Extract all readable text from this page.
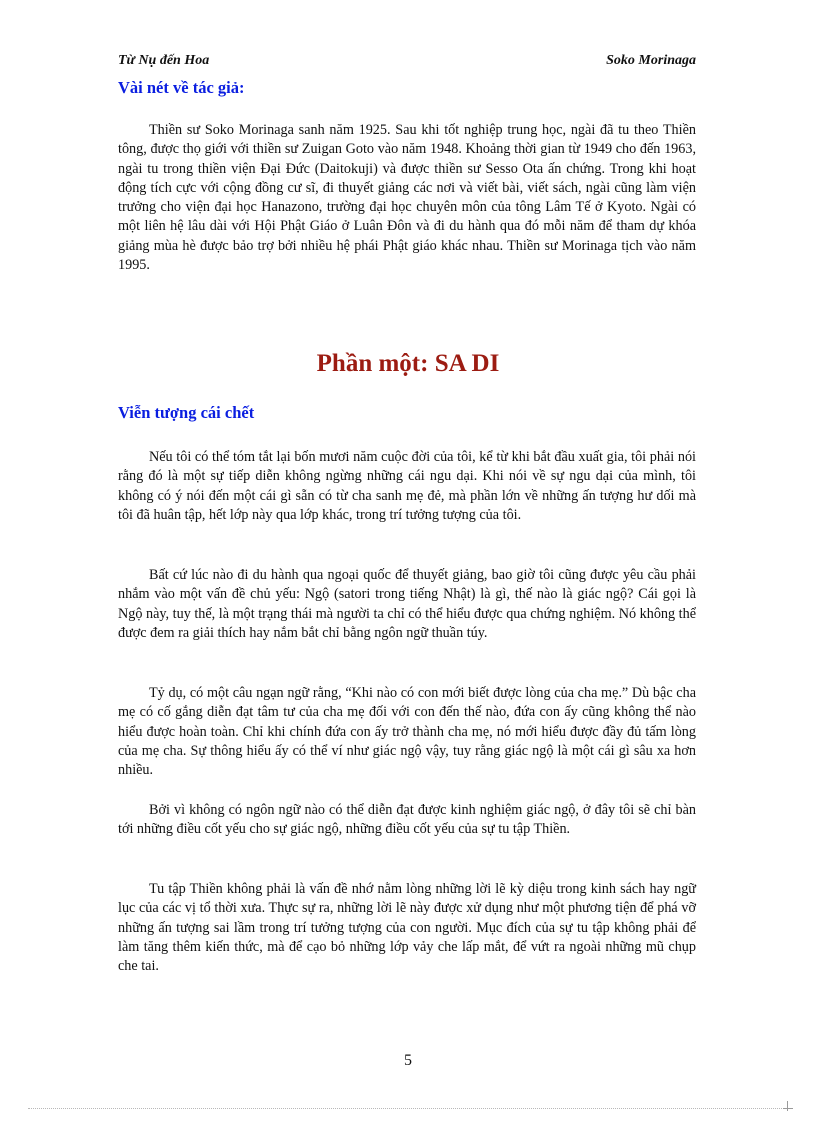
Từ Nụ đến Hoa	Soko Morinaga
Vài nét về tác giả:

Thiền sư Soko Morinaga sanh năm 1925. Sau khi tốt nghiệp trung học, ngài đã tu theo Thiền tông, được thọ giới với thiền sư Zuigan Goto vào năm 1948. Khoảng thời gian từ 1949 cho đến 1963, ngài tu trong thiền viện Đại Đức (Daitokuji) và được thiền sư Sesso Ota ấn chứng. Trong khi hoạt động tích cực với cộng đồng cư sĩ, đi thuyết giảng các nơi và viết bài, viết sách, ngài cũng làm viện trưởng cho viện đại học Hanazono, trường đại học chuyên môn của tông Lâm Tế ở Kyoto. Ngài có một liên hệ lâu dài với Hội Phật Giáo ở Luân Đôn và đi du hành qua đó mỗi năm để tham dự khóa giảng mùa hè được bảo trợ bởi nhiều hệ phái Phật giáo khác nhau. Thiền sư Morinaga tịch vào năm 1995.

Phần một: SA DI
Viễn tượng cái chết

Nếu tôi có thể tóm tắt lại bốn mươi năm cuộc đời của tôi, kể từ khi bắt đầu xuất gia, tôi phải nói rằng đó là một sự tiếp diễn không ngừng những cái ngu dại. Khi nói về sự ngu dại của mình, tôi không có ý nói đến một cái gì sẵn có từ cha sanh mẹ đẻ, mà phần lớn về những ấn tượng hư dối mà tôi đã huân tập, hết lớp này qua lớp khác, trong trí tưởng tượng của tôi.

Bất cứ lúc nào đi du hành qua ngoại quốc để thuyết giảng, bao giờ tôi cũng được yêu cầu phải nhắm vào một vấn đề chủ yếu: Ngộ (satori trong tiếng Nhật) là gì, thế nào là giác ngộ? Cái gọi là Ngộ này, tuy thế, là một trạng thái mà người ta chỉ có thể hiểu được qua chứng nghiệm. Nó không thể được đem ra giải thích hay nắm bắt chỉ bằng ngôn ngữ thuần túy.

Tỷ dụ, có một câu ngạn ngữ rằng, “Khi nào có con mới biết được lòng của cha mẹ.” Dù bậc cha mẹ có cố gắng diễn đạt tâm tư của cha mẹ đối với con đến thế nào, đứa con ấy cũng không thể nào hiểu được hoàn toàn. Chỉ khi chính đứa con ấy trở thành cha mẹ, nó mới hiểu được đầy đủ tấm lòng của mẹ cha. Sự thông hiểu ấy có thể ví như giác ngộ vậy, tuy rằng giác ngộ là một cái gì sâu xa hơn nhiều.

Bởi vì không có ngôn ngữ nào có thể diễn đạt được kinh nghiệm giác ngộ, ở đây tôi sẽ chỉ bàn tới những điều cốt yếu cho sự giác ngộ, những điều cốt yếu của sự tu tập Thiền.

Tu tập Thiền không phải là vấn đề nhớ nằm lòng những lời lẽ kỳ diệu trong kinh sách hay ngữ lục của các vị tổ thời xưa. Thực sự ra, những lời lẽ này được xử dụng như một phương tiện để phá vỡ những ấn tượng sai lầm trong trí tưởng tượng của con người. Mục đích của sự tu tập không phải để làm tăng thêm kiến thức, mà để cạo bỏ những lớp vảy che lấp mắt, để vứt ra ngoài những mũ chụp che tai.

5
